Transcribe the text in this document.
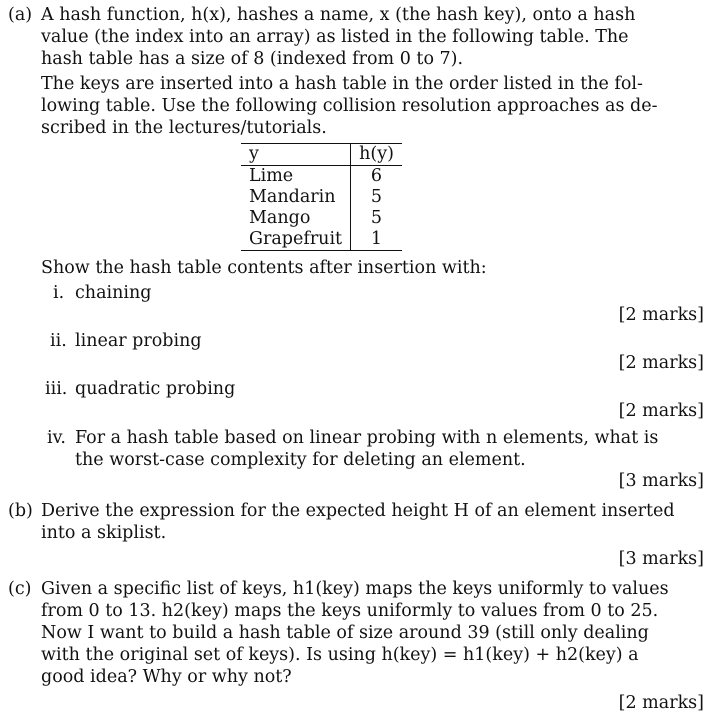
(a) A hash function, h(x), hashes a name, x (the hash key), onto a hash
value (the index into an array) as listed in the following table. The
hash table has a size of 8 (indexed from 0 to 7).
The keys are inserted into a hash table in the order listed in the fol-
lowing table. Use the following collision resolution approaches as de-
scribed in the lectures/tutorials.
y	h(y)
Lime	6
Mandarin	5
Mango	5
Grapefruit	1
Show the hash table contents after insertion with:
i. chaining
[2 marks]
ii. linear probing
[2 marks]
iii. quadratic probing
[2 marks]
iv. For a hash table based on linear probing with n elements, what is
the worst-case complexity for deleting an element.
[3 marks]
(b) Derive the expression for the expected height H of an element inserted
into a skiplist.
[3 marks]
(c) Given a specific list of keys, h1(key) maps the keys uniformly to values
from 0 to 13. h2(key) maps the keys uniformly to values from 0 to 25.
Now I want to build a hash table of size around 39 (still only dealing
with the original set of keys). Is using h(key) = h1(key) + h2(key) a
good idea? Why or why not?
[2 marks]
